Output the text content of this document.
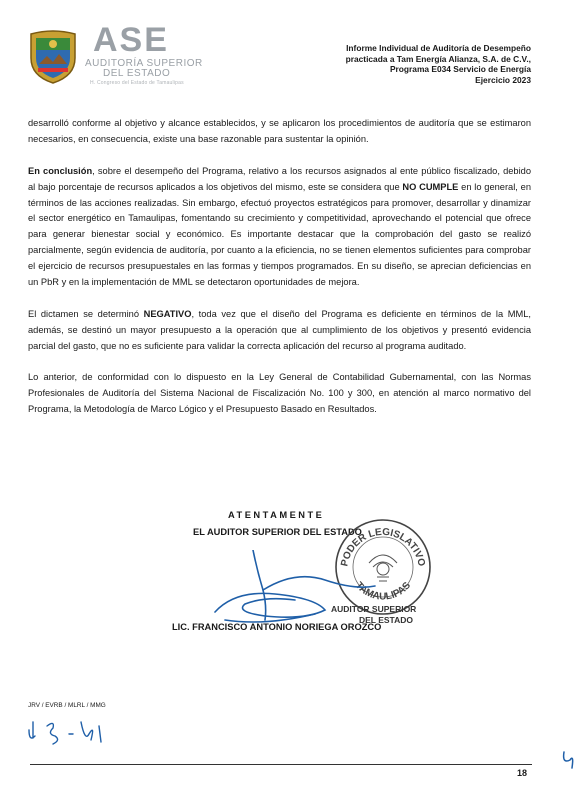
ASE
AUDITORÍA SUPERIOR
DEL ESTADO
H. Congreso del Estado de Tamaulipas
Informe Individual de Auditoría de Desempeño
practicada a Tam Energía Alianza, S.A. de C.V.,
Programa E034 Servicio de Energía
Ejercicio 2023

desarrolló conforme al objetivo y alcance establecidos, y se aplicaron los procedimientos de auditoría que se estimaron necesarios, en consecuencia, existe una base razonable para sustentar la opinión.

En conclusión, sobre el desempeño del Programa, relativo a los recursos asignados al ente público fiscalizado, debido al bajo porcentaje de recursos aplicados a los objetivos del mismo, este se considera que NO CUMPLE en lo general, en términos de las acciones realizadas. Sin embargo, efectuó proyectos estratégicos para promover, desarrollar y dinamizar el sector energético en Tamaulipas, fomentando su crecimiento y competitividad, aprovechando el potencial que ofrece para generar bienestar social y económico. Es importante destacar que la comprobación del gasto se realizó parcialmente, según evidencia de auditoría, por cuanto a la eficiencia, no se tienen elementos suficientes para comprobar el ejercicio de recursos presupuestales en las formas y tiempos programados. En su diseño, se aprecian deficiencias en un PbR y en la implementación de MML se detectaron oportunidades de mejora.

El dictamen se determinó NEGATIVO, toda vez que el diseño del Programa es deficiente en términos de la MML, además, se destinó un mayor presupuesto a la operación que al cumplimiento de los objetivos y presentó evidencia parcial del gasto, que no es suficiente para validar la correcta aplicación del recurso al programa auditado.

Lo anterior, de conformidad con lo dispuesto en la Ley General de Contabilidad Gubernamental, con las Normas Profesionales de Auditoría del Sistema Nacional de Fiscalización No. 100 y 300, en atención al marco normativo del Programa, la Metodología de Marco Lógico y el Presupuesto Basado en Resultados.

ATENTAMENTE
EL AUDITOR SUPERIOR DEL ESTADO
PODER LEGISLATIVO
TAMAULIPAS
AUDITOR SUPERIOR
DEL ESTADO
LIC. FRANCISCO ANTONIO NORIEGA OROZCO
JRV / EVRB / MLRL / MMG
18
